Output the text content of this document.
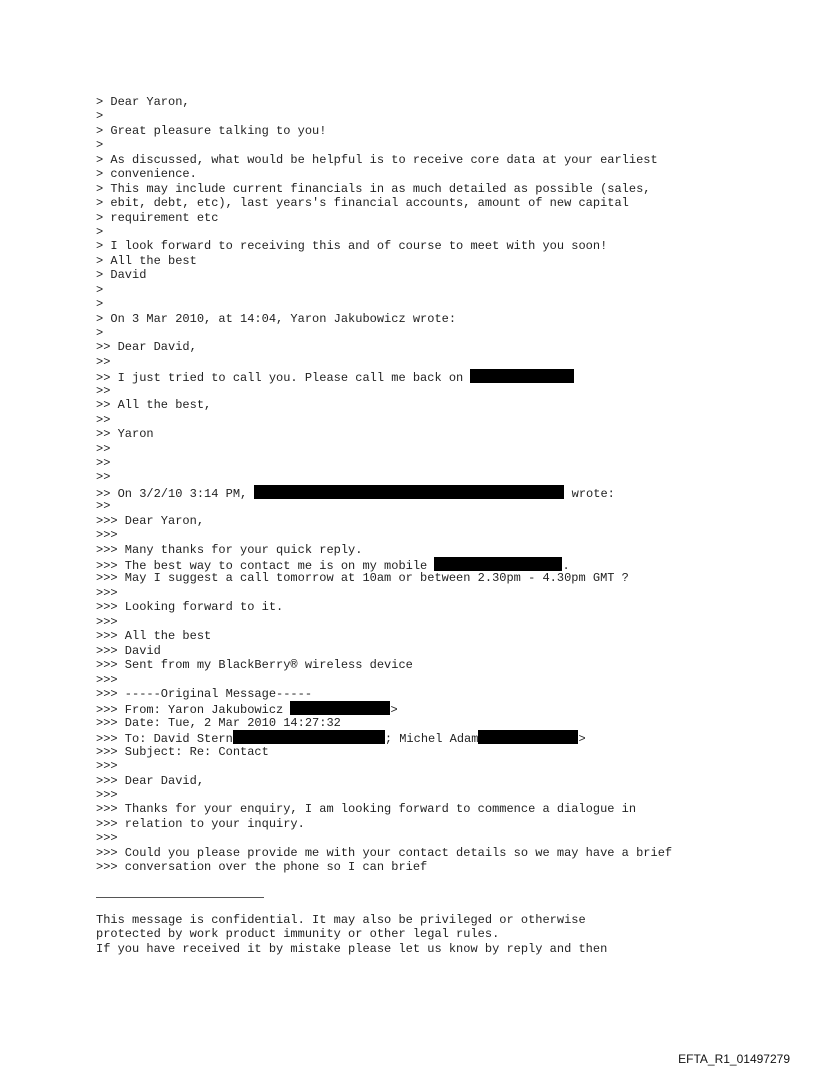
> Dear Yaron,
>
> Great pleasure talking to you!
>
> As discussed, what would be helpful is to receive core data at your earliest
> convenience.
> This may include current financials in as much detailed as possible (sales,
> ebit, debt, etc), last years's financial accounts, amount of new capital
> requirement etc
>
> I look forward to receiving this and of course to meet with you soon!
> All the best
> David
>
>
> On 3 Mar 2010, at 14:04, Yaron Jakubowicz wrote:
>
>> Dear David,
>>
>> I just tried to call you. Please call me back on
>>
>> All the best,
>>
>> Yaron
>>
>>
>>
>> On 3/2/10 3:14 PM,	wrote:
>>
>>> Dear Yaron,
>>>
>>> Many thanks for your quick reply.
>>> The best way to contact me is on my mobile	.
>>> May I suggest a call tomorrow at 10am or between 2.30pm - 4.30pm GMT ?
>>>
>>> Looking forward to it.
>>>
>>> All the best
>>> David
>>> Sent from my BlackBerry® wireless device
>>>
>>> -----Original Message-----
>>> From: Yaron Jakubowicz	>
>>> Date: Tue, 2 Mar 2010 14:27:32
>>> To: David Stern	; Michel Adam	>
>>> Subject: Re: Contact
>>>
>>> Dear David,
>>>
>>> Thanks for your enquiry, I am looking forward to commence a dialogue in
>>> relation to your inquiry.
>>>
>>> Could you please provide me with your contact details so we may have a brief
>>> conversation over the phone so I can brief
This message is confidential. It may also be privileged or otherwise
protected by work product immunity or other legal rules.
If you have received it by mistake please let us know by reply and then
EFTA_R1_01497279
